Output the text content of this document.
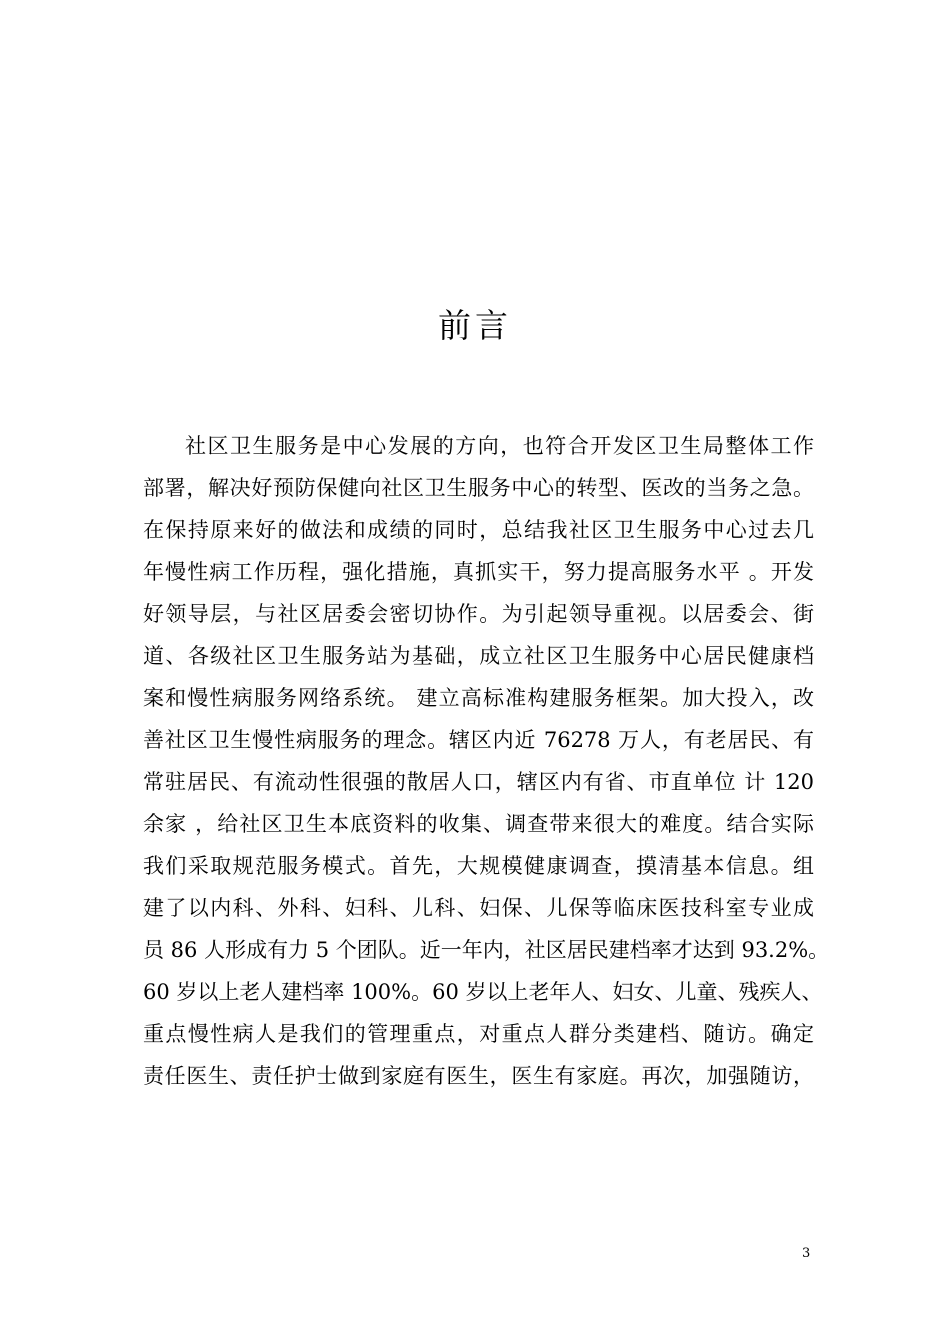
前言
社区卫生服务是中心发展的方向，也符合开发区卫生局整体工作
部署，解决好预防保健向社区卫生服务中心的转型、医改的当务之急。
在保持原来好的做法和成绩的同时，总结我社区卫生服务中心过去几
年慢性病工作历程，强化措施，真抓实干，努力提高服务水平 。开发
好领导层，与社区居委会密切协作。为引起领导重视。以居委会、街
道、各级社区卫生服务站为基础，成立社区卫生服务中心居民健康档
案和慢性病服务网络系统。 建立高标准构建服务框架。加大投入，改
善社区卫生慢性病服务的理念。辖区内近 76278 万人，有老居民、有
常驻居民、有流动性很强的散居人口，辖区内有省、市直单位 计 120
余家 ，给社区卫生本底资料的收集、调查带来很大的难度。结合实际
我们采取规范服务模式。首先，大规模健康调查，摸清基本信息。组
建了以内科、外科、妇科、儿科、妇保、儿保等临床医技科室专业成
员 86 人形成有力 5 个团队。近一年内，社区居民建档率才达到 93.2%。
60 岁以上老人建档率 100%。60 岁以上老年人、妇女、儿童、残疾人、
重点慢性病人是我们的管理重点，对重点人群分类建档、随访。确定
责任医生、责任护士做到家庭有医生，医生有家庭。再次，加强随访，
3
